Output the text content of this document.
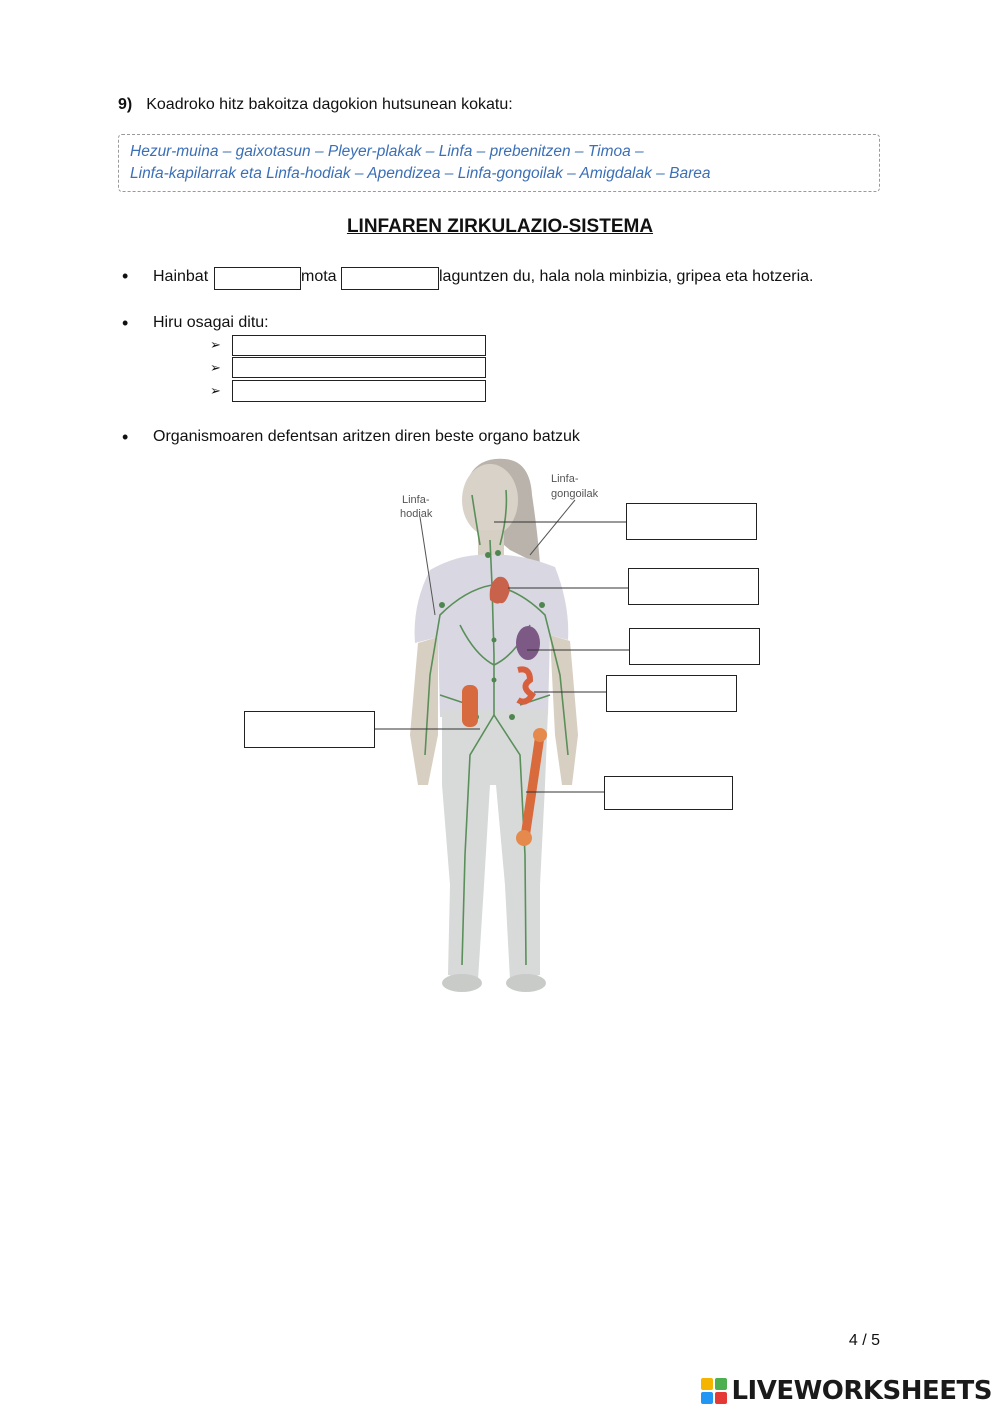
9) Koadroko hitz bakoitza dagokion hutsunean kokatu:
Hezur-muina – gaixotasun – Pleyer-plakak – Linfa – prebenitzen – Timoa –
Linfa-kapilarrak eta Linfa-hodiak – Apendizea – Linfa-gongoilak – Amigdalak – Barea
LINFAREN ZIRKULAZIO-SISTEMA
• Hainbat	mota	laguntzen du, hala nola minbizia, gripea eta hotzeria.
• Hiru osagai ditu:
➢
➢
➢
• Organismoaren defentsan aritzen diren beste organo batzuk
Linfa-
hodiak
Linfa-
gongoilak
4 / 5
LIVEWORKSHEETS
